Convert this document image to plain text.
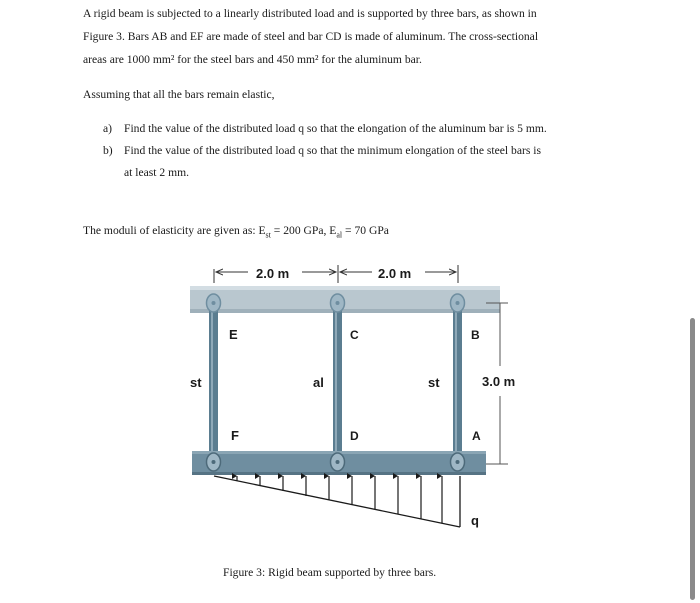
A rigid beam is subjected to a linearly distributed load and is supported by three bars, as shown in
Figure 3. Bars AB and EF are made of steel and bar CD is made of aluminum. The cross-sectional
areas are 1000 mm² for the steel bars and 450 mm² for the aluminum bar.
Assuming that all the bars remain elastic,
a) Find the value of the distributed load q so that the elongation of the aluminum bar is 5 mm.
b) Find the value of the distributed load q so that the minimum elongation of the steel bars is
at least 2 mm.
The moduli of elasticity are given as: $E_{st} = 200$ GPa, $E_{al} = 70$ GPa
2.0 m	2.0 m
3.0 m
E
F
C
D
B
A
st	al	st
q
Figure 3: Rigid beam supported by three bars.
